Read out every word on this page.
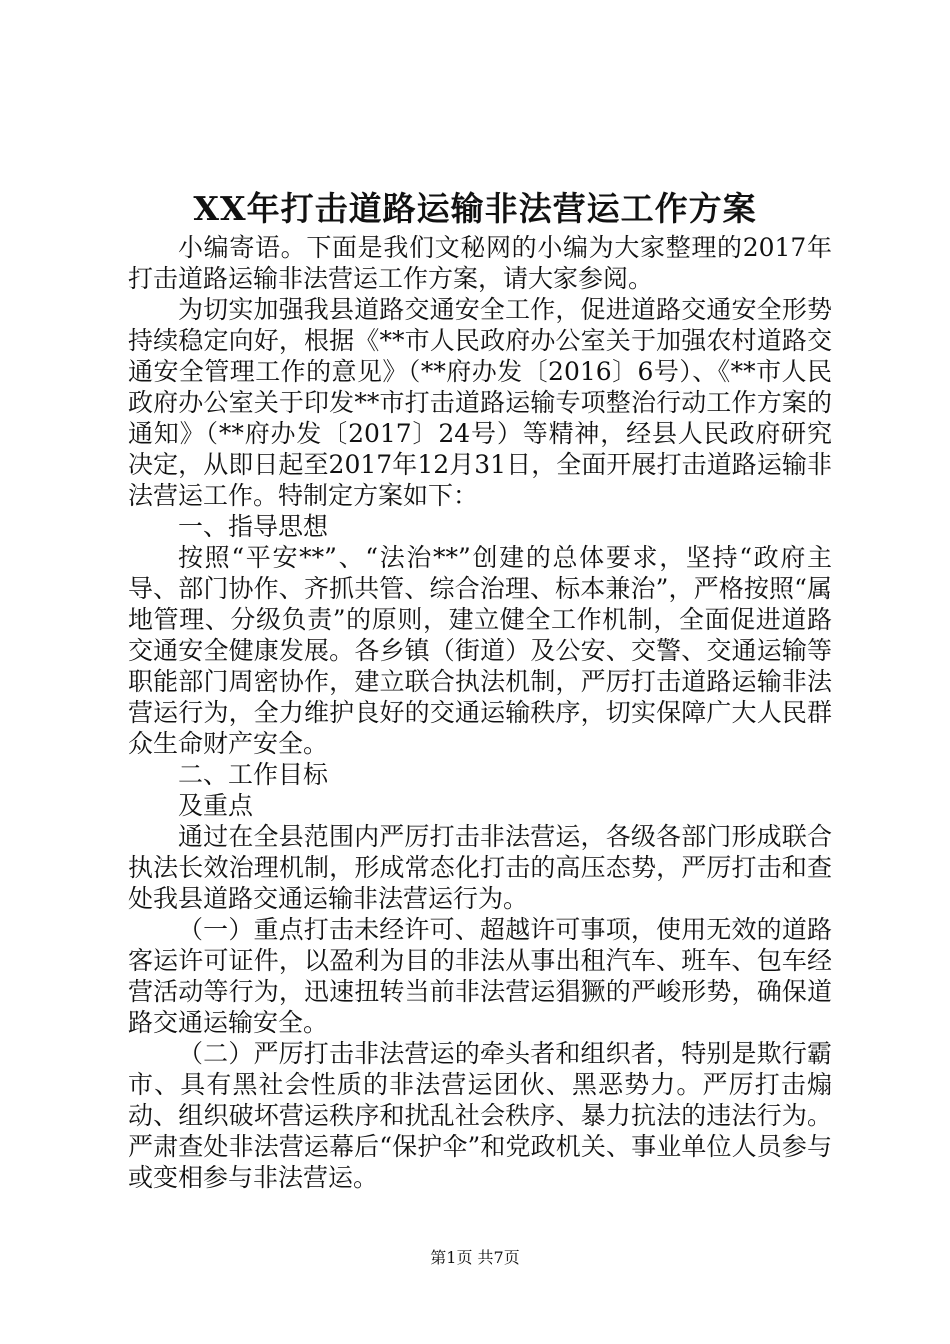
XX年打击道路运输非法营运工作方案

小编寄语。下面是我们文秘网的小编为大家整理的2017年打击道路运输非法营运工作方案，请大家参阅。

为切实加强我县道路交通安全工作，促进道路交通安全形势持续稳定向好，根据《**市人民政府办公室关于加强农村道路交通安全管理工作的意见》（**府办发〔2016〕6号）、《**市人民政府办公室关于印发**市打击道路运输专项整治行动工作方案的通知》（**府办发〔2017〕24号）等精神，经县人民政府研究决定，从即日起至2017年12月31日，全面开展打击道路运输非法营运工作。特制定方案如下：

一、指导思想

按照“平安**”、“法治**”创建的总体要求，坚持“政府主导、部门协作、齐抓共管、综合治理、标本兼治”，严格按照“属地管理、分级负责”的原则，建立健全工作机制，全面促进道路交通安全健康发展。各乡镇（街道）及公安、交警、交通运输等职能部门周密协作，建立联合执法机制，严厉打击道路运输非法营运行为，全力维护良好的交通运输秩序，切实保障广大人民群众生命财产安全。

二、工作目标

及重点

通过在全县范围内严厉打击非法营运，各级各部门形成联合执法长效治理机制，形成常态化打击的高压态势，严厉打击和查处我县道路交通运输非法营运行为。

（一）重点打击未经许可、超越许可事项，使用无效的道路客运许可证件，以盈利为目的非法从事出租汽车、班车、包车经营活动等行为，迅速扭转当前非法营运猖獗的严峻形势，确保道路交通运输安全。

（二）严厉打击非法营运的牵头者和组织者，特别是欺行霸市、具有黑社会性质的非法营运团伙、黑恶势力。严厉打击煽动、组织破坏营运秩序和扰乱社会秩序、暴力抗法的违法行为。严肃查处非法营运幕后“保护伞”和党政机关、事业单位人员参与或变相参与非法营运。

第1页 共7页
